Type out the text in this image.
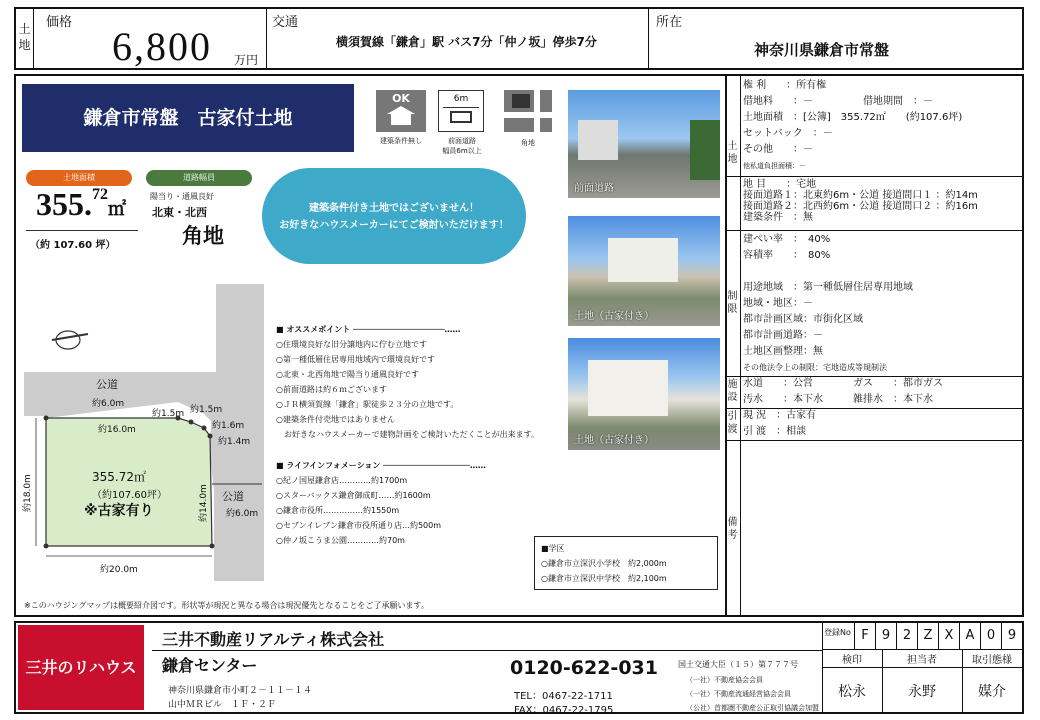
土地
価格
6,800 万円
交通
横須賀線「鎌倉」駅 バス7分「仲ノ坂」停歩7分
所在
神奈川県鎌倉市常盤
鎌倉市常盤　古家付土地
OK
建築条件無し
6m
前面道路
幅員6m以上
角地
土地面積	道路幅員
355.72㎡
（約 107.60 坪）
陽当り・通風良好
北東・北西
角地
建築条件付き土地ではございません！
お好きなハウスメーカーにてご検討いただけます！
公道
約6.0m
約16.0m
約1.5m 約1.5m
約1.6m
約1.4m
355.72㎡
（約107.60坪）
※古家有り
約18.0m	約14.0m 公道
約6.0m
約20.0m
■ オススメポイント ───────────────────……
○住環境良好な旧分譲地内に佇む立地です
○第一種低層住居専用地域内で環境良好です
○北東・北西角地で陽当り通風良好です
○前面道路は約６ｍございます
○ＪＲ横須賀線「鎌倉」駅徒歩２３分の立地です。
○建築条件付売地ではありません
　お好きなハウスメーカーで建物計画をご検討いただくことが出来ます。
■ ライフインフォメーション ──────────────────……
○紀ノ国屋鎌倉店…………約1700m
○スターバックス鎌倉御成町……約1600m
○鎌倉市役所……………約1550m
○セブンイレブン鎌倉市役所通り店…約500m
○仲ノ坂こうま公園…………約70m
■学区
○鎌倉市立深沢小学校　約2,000m
○鎌倉市立深沢中学校　約2,100m
前面道路
土地（古家付き）
土地（古家付き）
※このハウジングマップは概要紹介図です。形状等が現況と異なる場合は現況優先となることをご了承願います。
土地
権 利　　：所有権
借地料　　：－　　　　　借地期間　：－
土地面積　：[公簿]　355.72㎡　　(約107.6坪)
セットバック　：－
その他　　：－
他私道負担面積：－
地 目　　：宅地
接面道路１：北東約6m・公道 接道間口１ ：約14m
接面道路２：北西約6m・公道 接道間口２ ：約16m
建築条件　：無
制限
建ぺい率　：　40%
容積率　　：　80%
用途地域　：第一種低層住居専用地域
地域・地区：－
都市計画区域：市街化区域
都市計画道路：－
土地区画整理：無
その他法令上の制限：宅地造成等規制法
施設
水道　　：公営　　　　ガス　　：都市ガス
汚水　　：本下水　　　雑排水　：本下水
引渡
現 況　：古家有
引 渡　：相談
備考
三井のリハウス
三井不動産リアルティ株式会社
鎌倉センター
神奈川県鎌倉市小町２－１１－１４
山中ＭＲビル　１Ｆ・２Ｆ
0120-622-031
TEL：0467-22-1711
FAX：0467-22-1795
国土交通大臣（１５）第７７７号
（一社）不動産協会会員
（一社）不動産流通経営協会会員
（公社）首都圏不動産公正取引協議会加盟
登録No F	9 2 Z X A 0 9
検印	担当者	取引態様
松永	永野	媒介
